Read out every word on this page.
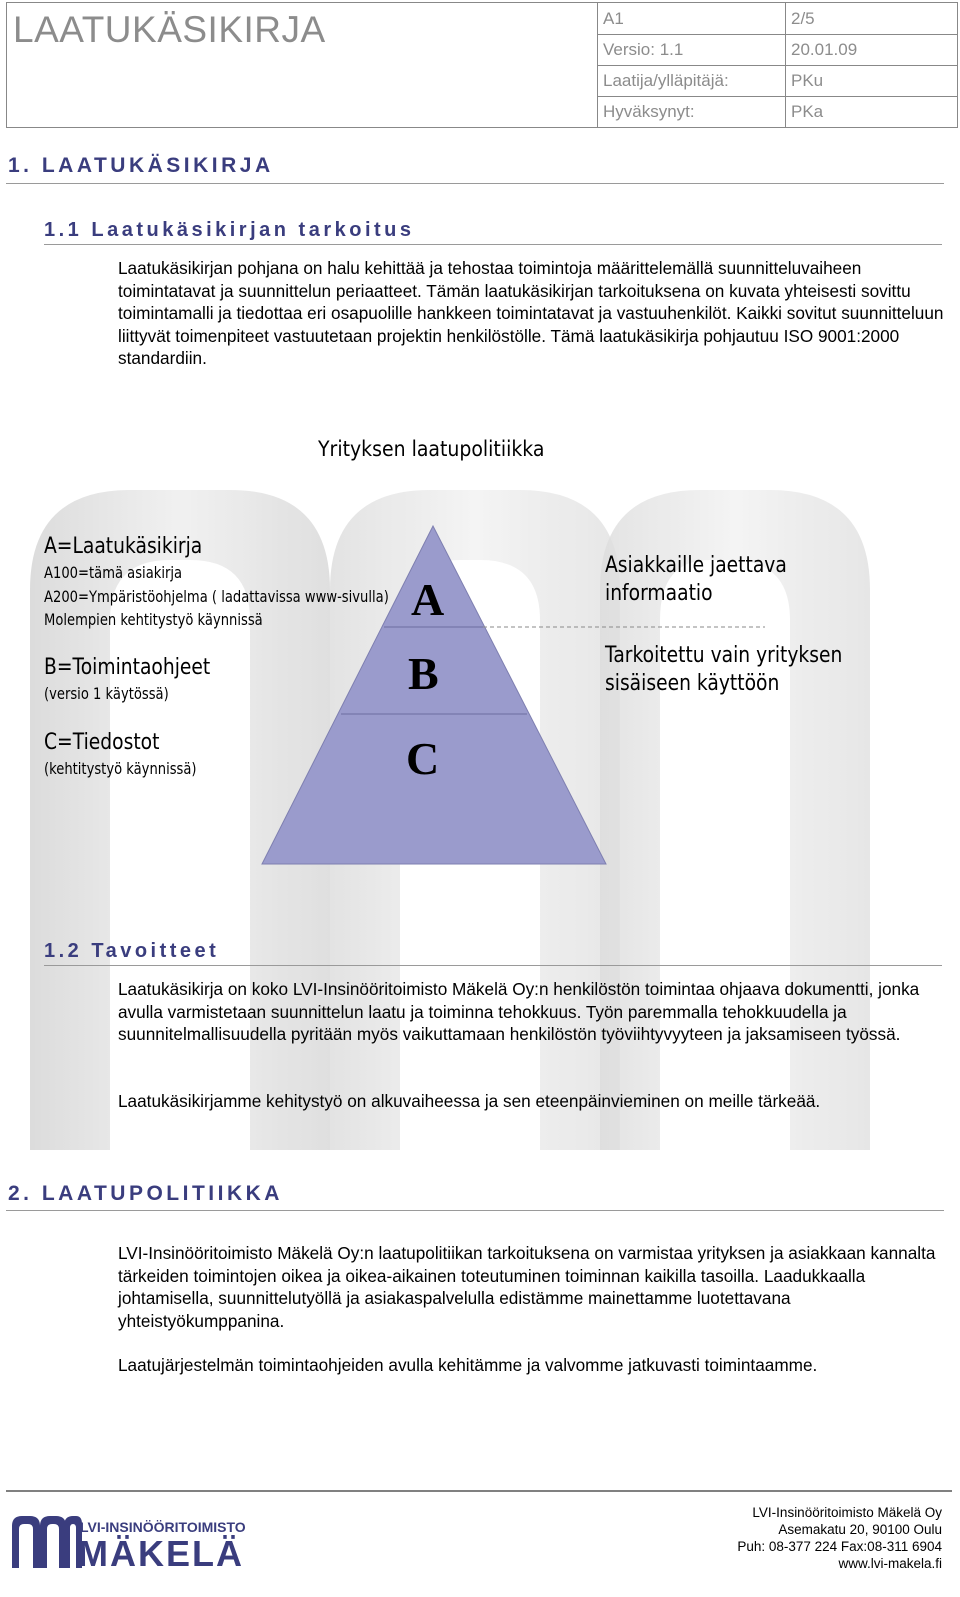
LAATUKÄSIKIRJA	A1	2/5
Versio: 1.1	20.01.09
Laatija/ylläpitäjä:	PKu
Hyväksynyt:	PKa
1. LAATUKÄSIKIRJA
1.1 Laatukäsikirjan tarkoitus

Laatukäsikirjan pohjana on halu kehittää ja tehostaa toimintoja määrittelemällä suunnitteluvaiheen toimintatavat ja suunnittelun periaatteet. Tämän laatukäsikirjan tarkoituksena on kuvata yhteisesti sovittu toimintamalli ja tiedottaa eri osapuolille hankkeen toimintatavat ja vastuuhenkilöt. Kaikki sovitut suunnitteluun liittyvät toimenpiteet vastuutetaan projektin henkilöstölle. Tämä laatukäsikirja pohjautuu ISO 9001:2000 standardiin.

Yrityksen laatupolitiikka
A
B
C
A=Laatukäsikirja
A100=tämä asiakirja
A200=Ympäristöohjelma ( ladattavissa www-sivulla)
Molempien kehtitystyö käynnissä
B=Toimintaohjeet
(versio 1 käytössä)
C=Tiedostot
(kehtitystyö käynnissä)
Asiakkaille jaettava
informaatio
Tarkoitettu vain yrityksen
sisäiseen käyttöön
1.2 Tavoitteet

Laatukäsikirja on koko LVI-Insinööritoimisto Mäkelä Oy:n henkilöstön toimintaa ohjaava dokumentti, jonka avulla varmistetaan suunnittelun laatu ja toiminna tehokkuus. Työn paremmalla tehokkuudella ja suunnitelmallisuudella pyritään myös vaikuttamaan henkilöstön työviihtyvyyteen ja jaksamiseen työssä.

Laatukäsikirjamme kehitystyö on alkuvaiheessa ja sen eteenpäinvieminen on meille tärkeää.

2. LAATUPOLITIIKKA

LVI-Insinööritoimisto Mäkelä Oy:n laatupolitiikan tarkoituksena on varmistaa yrityksen ja asiakkaan kannalta tärkeiden toimintojen oikea ja oikea-aikainen toteutuminen toiminnan kaikilla tasoilla. Laadukkaalla johtamisella, suunnittelutyöllä ja asiakaspalvelulla edistämme mainettamme luotettavana yhteistyökumppanina.

Laatujärjestelmän toimintaohjeiden avulla kehitämme ja valvomme jatkuvasti toimintaamme.

LVI-INSINÖÖRITOIMISTO
MÄKELÄ
LVI-Insinööritoimisto Mäkelä Oy
Asemakatu 20, 90100 Oulu
Puh: 08-377 224 Fax:08-311 6904
www.lvi-makela.fi
